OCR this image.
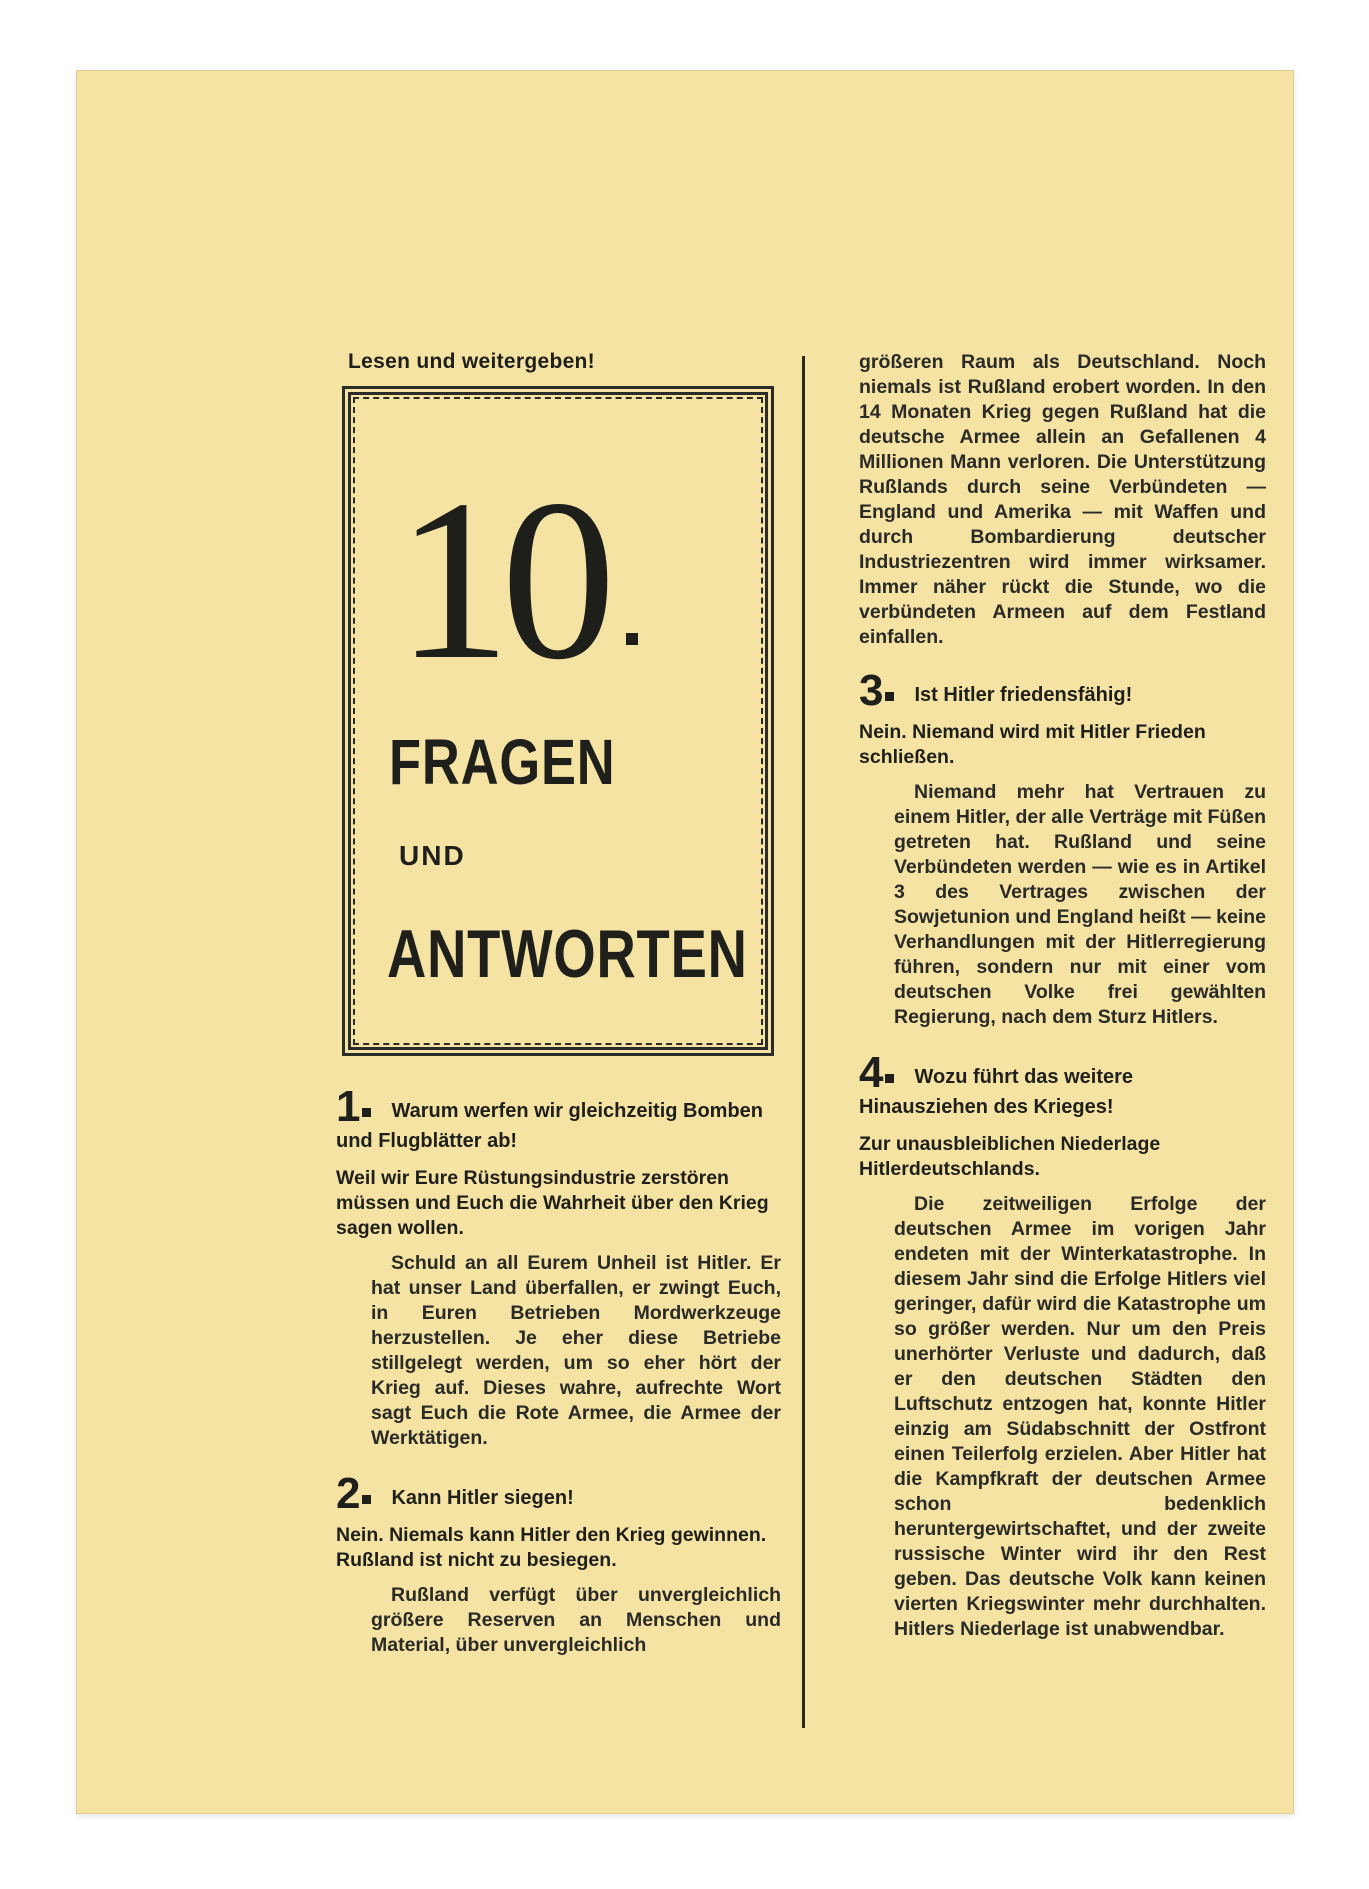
Lesen und weitergeben!
10
FRAGEN
UND
ANTWORTEN
1 Warum werfen wir gleichzeitig Bomben und Flugblätter ab!
Weil wir Eure Rüstungsindustrie zerstören müssen und Euch die Wahrheit über den Krieg sagen wollen.
Schuld an all Eurem Unheil ist Hitler. Er hat unser Land überfallen, er zwingt Euch, in Euren Betrieben Mordwerkzeuge herzustellen. Je eher diese Betriebe stillgelegt werden, um so eher hört der Krieg auf. Dieses wahre, aufrechte Wort sagt Euch die Rote Armee, die Armee der Werktätigen.
2 Kann Hitler siegen!
Nein. Niemals kann Hitler den Krieg gewinnen. Rußland ist nicht zu besiegen.
Rußland verfügt über unvergleichlich größere Reserven an Menschen und Material, über unvergleichlich
größeren Raum als Deutschland. Noch niemals ist Rußland erobert worden. In den 14 Monaten Krieg gegen Rußland hat die deutsche Armee allein an Gefallenen 4 Millionen Mann verloren. Die Unterstützung Rußlands durch seine Verbündeten — England und Amerika — mit Waffen und durch Bombardierung deutscher Industriezentren wird immer wirksamer. Immer näher rückt die Stunde, wo die verbündeten Armeen auf dem Festland einfallen.
3 Ist Hitler friedensfähig!
Nein. Niemand wird mit Hitler Frieden schließen.
Niemand mehr hat Vertrauen zu einem Hitler, der alle Verträge mit Füßen getreten hat. Rußland und seine Verbündeten werden — wie es in Artikel 3 des Vertrages zwischen der Sowjetunion und England heißt — keine Verhandlungen mit der Hitlerregierung führen, sondern nur mit einer vom deutschen Volke frei gewählten Regierung, nach dem Sturz Hitlers.
4 Wozu führt das weitere Hinausziehen des Krieges!
Zur unausbleiblichen Niederlage Hitlerdeutschlands.
Die zeitweiligen Erfolge der deutschen Armee im vorigen Jahr endeten mit der Winterkatastrophe. In diesem Jahr sind die Erfolge Hitlers viel geringer, dafür wird die Katastrophe um so größer werden. Nur um den Preis unerhörter Verluste und dadurch, daß er den deutschen Städten den Luftschutz entzogen hat, konnte Hitler einzig am Südabschnitt der Ostfront einen Teilerfolg erzielen. Aber Hitler hat die Kampfkraft der deutschen Armee schon bedenklich heruntergewirtschaftet, und der zweite russische Winter wird ihr den Rest geben. Das deutsche Volk kann keinen vierten Kriegswinter mehr durchhalten. Hitlers Niederlage ist unabwendbar.
